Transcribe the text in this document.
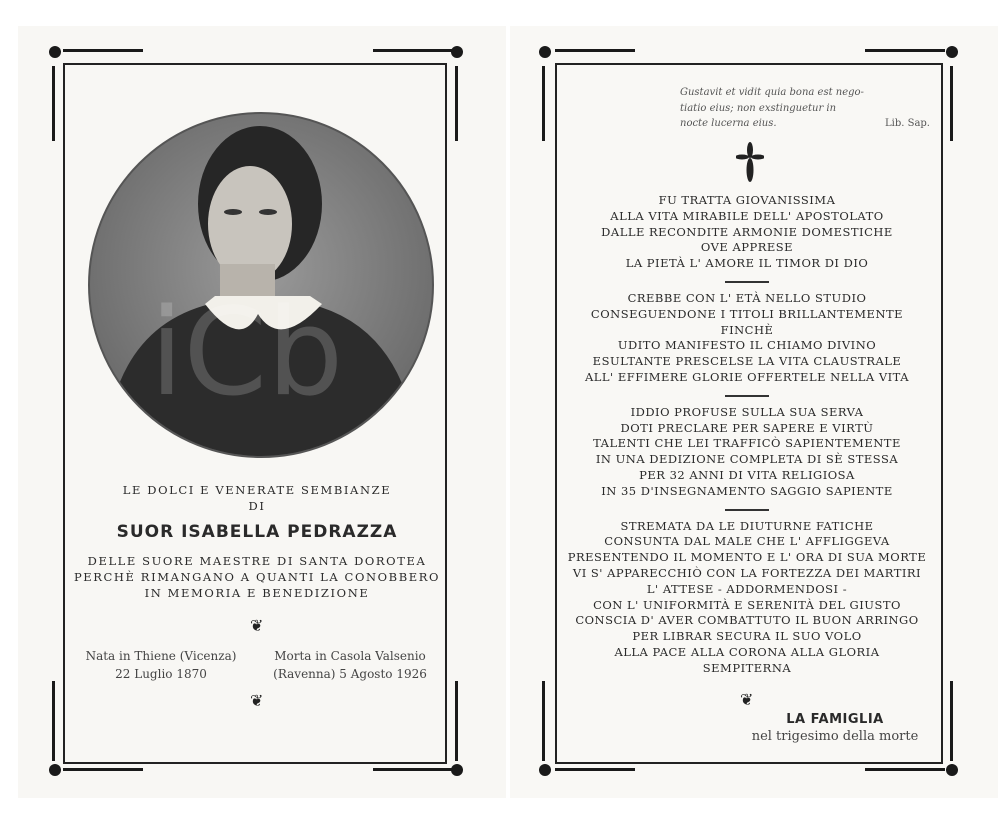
iCb
LE DOLCI E VENERATE SEMBIANZE
DI
SUOR ISABELLA PEDRAZZA
DELLE SUORE MAESTRE DI SANTA DOROTEA
PERCHÈ RIMANGANO A QUANTI LA CONOBBERO
IN MEMORIA E BENEDIZIONE
❦
Nata in Thiene (Vicenza)
22 Luglio 1870
Morta in Casola Valsenio
(Ravenna) 5 Agosto 1926
❦
Gustavit et vidit quia bona est nego-
tiatio eius; non exstinguetur in
nocte lucerna eius.	Lib. Sap.
FU TRATTA GIOVANISSIMA
ALLA VITA MIRABILE DELL' APOSTOLATO
DALLE RECONDITE ARMONIE DOMESTICHE
OVE APPRESE
LA PIETÀ L' AMORE IL TIMOR DI DIO
CREBBE CON L' ETÀ NELLO STUDIO
CONSEGUENDONE I TITOLI BRILLANTEMENTE
FINCHÈ
UDITO MANIFESTO IL CHIAMO DIVINO
ESULTANTE PRESCELSE LA VITA CLAUSTRALE
ALL' EFFIMERE GLORIE OFFERTELE NELLA VITA
IDDIO PROFUSE SULLA SUA SERVA
DOTI PRECLARE PER SAPERE E VIRTÙ
TALENTI CHE LEI TRAFFICÒ SAPIENTEMENTE
IN UNA DEDIZIONE COMPLETA DI SÈ STESSA
PER 32 ANNI DI VITA RELIGIOSA
IN 35 D'INSEGNAMENTO SAGGIO SAPIENTE
STREMATA DA LE DIUTURNE FATICHE
CONSUNTA DAL MALE CHE L' AFFLIGGEVA
PRESENTENDO IL MOMENTO E L' ORA DI SUA MORTE
VI S' APPARECCHIÒ CON LA FORTEZZA DEI MARTIRI
L' ATTESE - ADDORMENDOSI -
CON L' UNIFORMITÀ E SERENITÀ DEL GIUSTO
CONSCIA D' AVER COMBATTUTO IL BUON ARRINGO
PER LIBRAR SECURA IL SUO VOLO
ALLA PACE ALLA CORONA ALLA GLORIA
SEMPITERNA
❦
LA FAMIGLIA
nel trigesimo della morte
